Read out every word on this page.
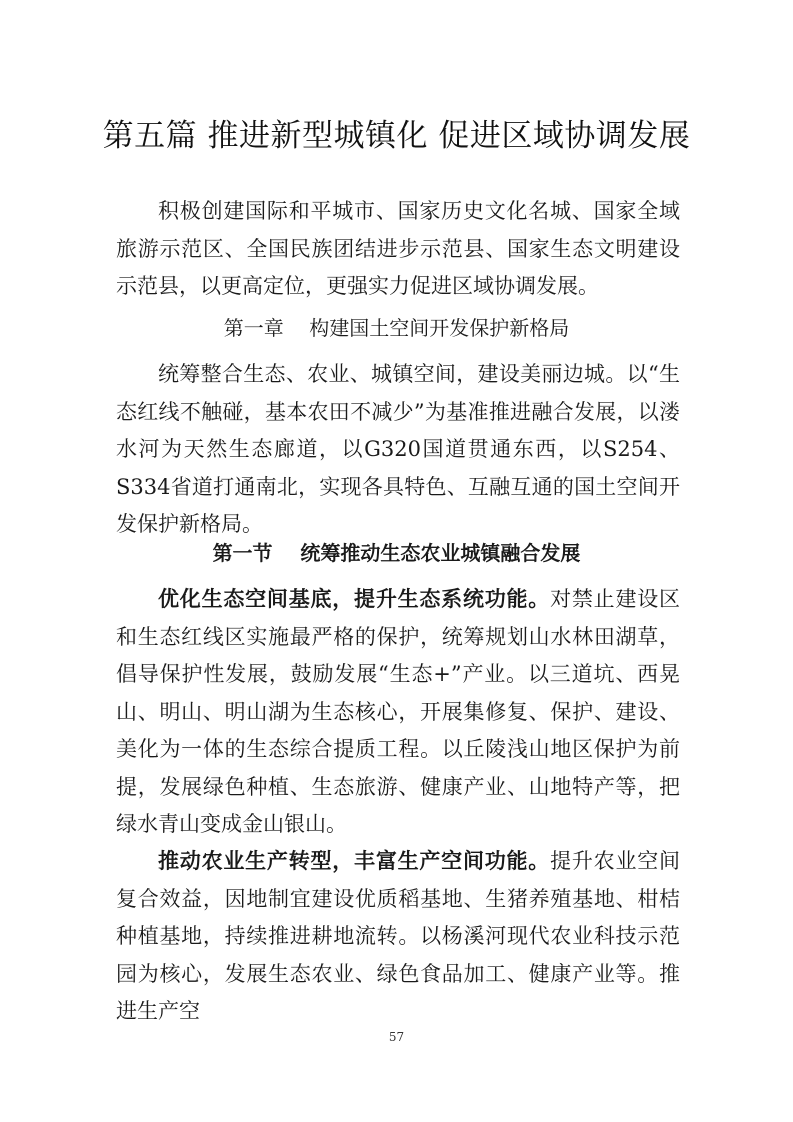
第五篇 推进新型城镇化 促进区域协调发展

积极创建国际和平城市、国家历史文化名城、国家全域旅游示范区、全国民族团结进步示范县、国家生态文明建设示范县，以更高定位，更强实力促进区域协调发展。

第一章    构建国土空间开发保护新格局

统筹整合生态、农业、城镇空间，建设美丽边城。以“生态红线不触碰，基本农田不减少”为基准推进融合发展，以溇水河为天然生态廊道，以G320国道贯通东西，以S254、S334省道打通南北，实现各具特色、互融互通的国土空间开发保护新格局。

第一节    统筹推动生态农业城镇融合发展

优化生态空间基底，提升生态系统功能。对禁止建设区和生态红线区实施最严格的保护，统筹规划山水林田湖草，倡导保护性发展，鼓励发展“生态+”产业。以三道坑、西晃山、明山、明山湖为生态核心，开展集修复、保护、建设、美化为一体的生态综合提质工程。以丘陵浅山地区保护为前提，发展绿色种植、生态旅游、健康产业、山地特产等，把绿水青山变成金山银山。

推动农业生产转型，丰富生产空间功能。提升农业空间复合效益，因地制宜建设优质稻基地、生猪养殖基地、柑桔种植基地，持续推进耕地流转。以杨溪河现代农业科技示范园为核心，发展生态农业、绿色食品加工、健康产业等。推进生产空

57
